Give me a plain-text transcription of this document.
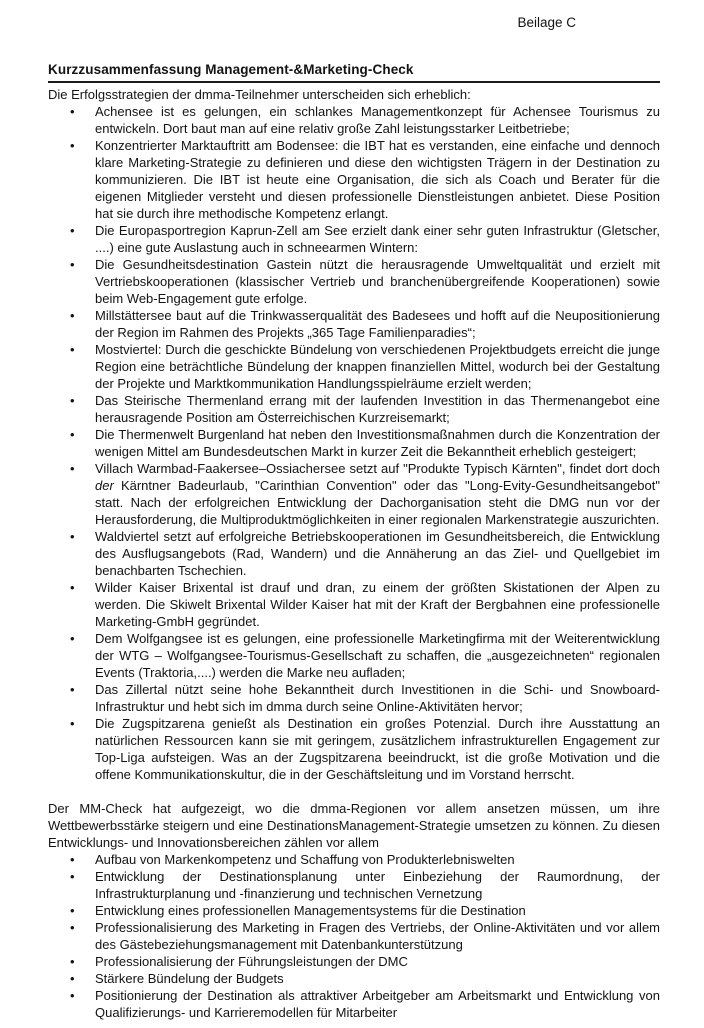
Beilage C
Kurzzusammenfassung Management-&Marketing-Check

Die Erfolgsstrategien der dmma-Teilnehmer unterscheiden sich erheblich:

• Achensee ist es gelungen, ein schlankes Managementkonzept für Achensee Tourismus zu entwickeln. Dort baut man auf eine relativ große Zahl leistungsstarker Leitbetriebe;
• Konzentrierter Marktauftritt am Bodensee: die IBT hat es verstanden, eine einfache und dennoch klare Marketing-Strategie zu definieren und diese den wichtigsten Trägern in der Destination zu kommunizieren. Die IBT ist heute eine Organisation, die sich als Coach und Berater für die eigenen Mitglieder versteht und diesen professionelle Dienstleistungen anbietet. Diese Position hat sie durch ihre methodische Kompetenz erlangt.
• Die Europasportregion Kaprun-Zell am See erzielt dank einer sehr guten Infrastruktur (Gletscher, ....) eine gute Auslastung auch in schneearmen Wintern:
• Die Gesundheitsdestination Gastein nützt die herausragende Umweltqualität und erzielt mit Vertriebskooperationen (klassischer Vertrieb und branchenübergreifende Kooperationen) sowie beim Web-Engagement gute erfolge.
• Millstättersee baut auf die Trinkwasserqualität des Badesees und hofft auf die Neupositionierung der Region im Rahmen des Projekts „365 Tage Familienparadies“;
• Mostviertel: Durch die geschickte Bündelung von verschiedenen Projektbudgets erreicht die junge Region eine beträchtliche Bündelung der knappen finanziellen Mittel, wodurch bei der Gestaltung der Projekte und Marktkommunikation Handlungsspielräume erzielt werden;
• Das Steirische Thermenland errang mit der laufenden Investition in das Thermenangebot eine herausragende Position am Österreichischen Kurzreisemarkt;
• Die Thermenwelt Burgenland hat neben den Investitionsmaßnahmen durch die Konzentration der wenigen Mittel am Bundesdeutschen Markt in kurzer Zeit die Bekanntheit erheblich gesteigert;
• Villach Warmbad-Faakersee–Ossiachersee setzt auf "Produkte Typisch Kärnten", findet dort doch der Kärntner Badeurlaub, "Carinthian Convention" oder das "Long-Evity-Gesundheitsangebot" statt. Nach der erfolgreichen Entwicklung der Dachorganisation steht die DMG nun vor der Herausforderung, die Multiproduktmöglichkeiten in einer regionalen Markenstrategie auszurichten.
• Waldviertel setzt auf erfolgreiche Betriebskooperationen im Gesundheitsbereich, die Entwicklung des Ausflugsangebots (Rad, Wandern) und die Annäherung an das Ziel- und Quellgebiet im benachbarten Tschechien.
• Wilder Kaiser Brixental ist drauf und dran, zu einem der größten Skistationen der Alpen zu werden. Die Skiwelt Brixental Wilder Kaiser hat mit der Kraft der Bergbahnen eine professionelle Marketing-GmbH gegründet.
• Dem Wolfgangsee ist es gelungen, eine professionelle Marketingfirma mit der Weiterentwicklung der WTG – Wolfgangsee-Tourismus-Gesellschaft zu schaffen, die „ausgezeichneten“ regionalen Events (Traktoria,....) werden die Marke neu aufladen;
• Das Zillertal nützt seine hohe Bekanntheit durch Investitionen in die Schi- und Snowboard-Infrastruktur und hebt sich im dmma durch seine Online-Aktivitäten hervor;
• Die Zugspitzarena genießt als Destination ein großes Potenzial. Durch ihre Ausstattung an natürlichen Ressourcen kann sie mit geringem, zusätzlichem infrastrukturellen Engagement zur Top-Liga aufsteigen. Was an der Zugspitzarena beeindruckt, ist die große Motivation und die offene Kommunikationskultur, die in der Geschäftsleitung und im Vorstand herrscht.

Der MM-Check hat aufgezeigt, wo die dmma-Regionen vor allem ansetzen müssen, um ihre Wettbewerbsstärke steigern und eine DestinationsManagement-Strategie umsetzen zu können. Zu diesen Entwicklungs- und Innovationsbereichen zählen vor allem

• Aufbau von Markenkompetenz und Schaffung von Produkterlebniswelten
• Entwicklung der Destinationsplanung unter Einbeziehung der Raumordnung, der Infrastrukturplanung und -finanzierung und technischen Vernetzung
• Entwicklung eines professionellen Managementsystems für die Destination
• Professionalisierung des Marketing in Fragen des Vertriebs, der Online-Aktivitäten und vor allem des Gästebeziehungsmanagement mit Datenbankunterstützung
• Professionalisierung der Führungsleistungen der DMC
• Stärkere Bündelung der Budgets
• Positionierung der Destination als attraktiver Arbeitgeber am Arbeitsmarkt und Entwicklung von Qualifizierungs- und Karrieremodellen für Mitarbeiter
